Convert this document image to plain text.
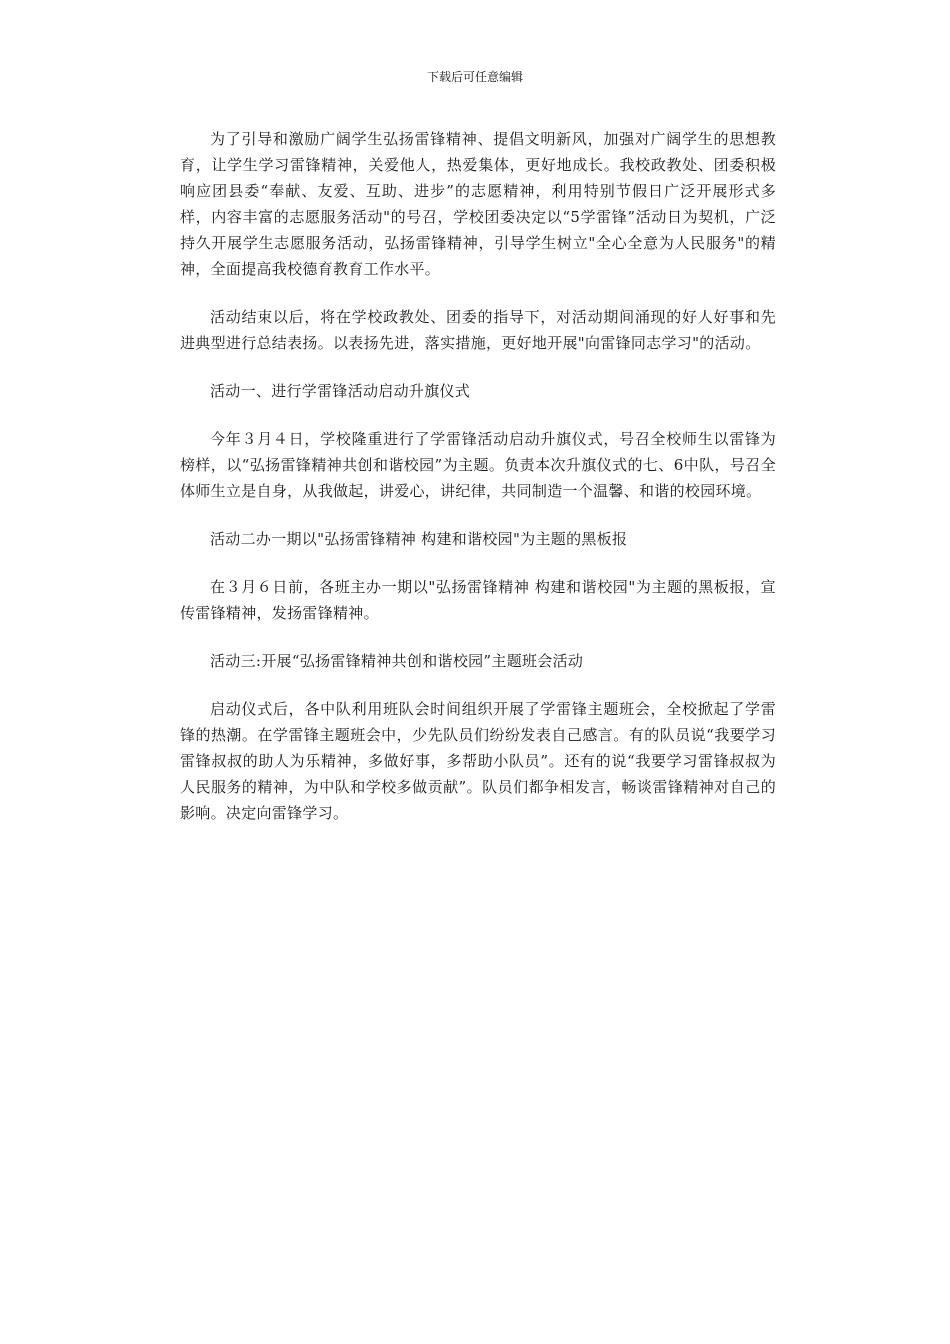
下载后可任意编辑

为了引导和激励广阔学生弘扬雷锋精神、提倡文明新风，加强对广阔学生的思想教育，让学生学习雷锋精神，关爱他人，热爱集体，更好地成长。我校政教处、团委积极响应团县委“奉献、友爱、互助、进步”的志愿精神，利用特别节假日广泛开展形式多样，内容丰富的志愿服务活动"的号召，学校团委决定以“5学雷锋”活动日为契机，广泛持久开展学生志愿服务活动，弘扬雷锋精神，引导学生树立"全心全意为人民服务"的精神，全面提高我校德育教育工作水平。

活动结束以后，将在学校政教处、团委的指导下，对活动期间涌现的好人好事和先进典型进行总结表扬。以表扬先进，落实措施，更好地开展"向雷锋同志学习"的活动。

活动一、进行学雷锋活动启动升旗仪式

今年３月４日，学校隆重进行了学雷锋活动启动升旗仪式，号召全校师生以雷锋为榜样，以“弘扬雷锋精神共创和谐校园”为主题。负责本次升旗仪式的七、6中队，号召全体师生立是自身，从我做起，讲爱心，讲纪律，共同制造一个温馨、和谐的校园环境。

活动二办一期以"弘扬雷锋精神 构建和谐校园"为主题的黑板报

在３月６日前，各班主办一期以"弘扬雷锋精神 构建和谐校园"为主题的黑板报，宣传雷锋精神，发扬雷锋精神。

活动三:开展“弘扬雷锋精神共创和谐校园”主题班会活动

启动仪式后，各中队利用班队会时间组织开展了学雷锋主题班会，全校掀起了学雷锋的热潮。在学雷锋主题班会中，少先队员们纷纷发表自己感言。有的队员说“我要学习雷锋叔叔的助人为乐精神，多做好事，多帮助小队员”。还有的说“我要学习雷锋叔叔为人民服务的精神，为中队和学校多做贡献”。队员们都争相发言，畅谈雷锋精神对自己的影响。决定向雷锋学习。
